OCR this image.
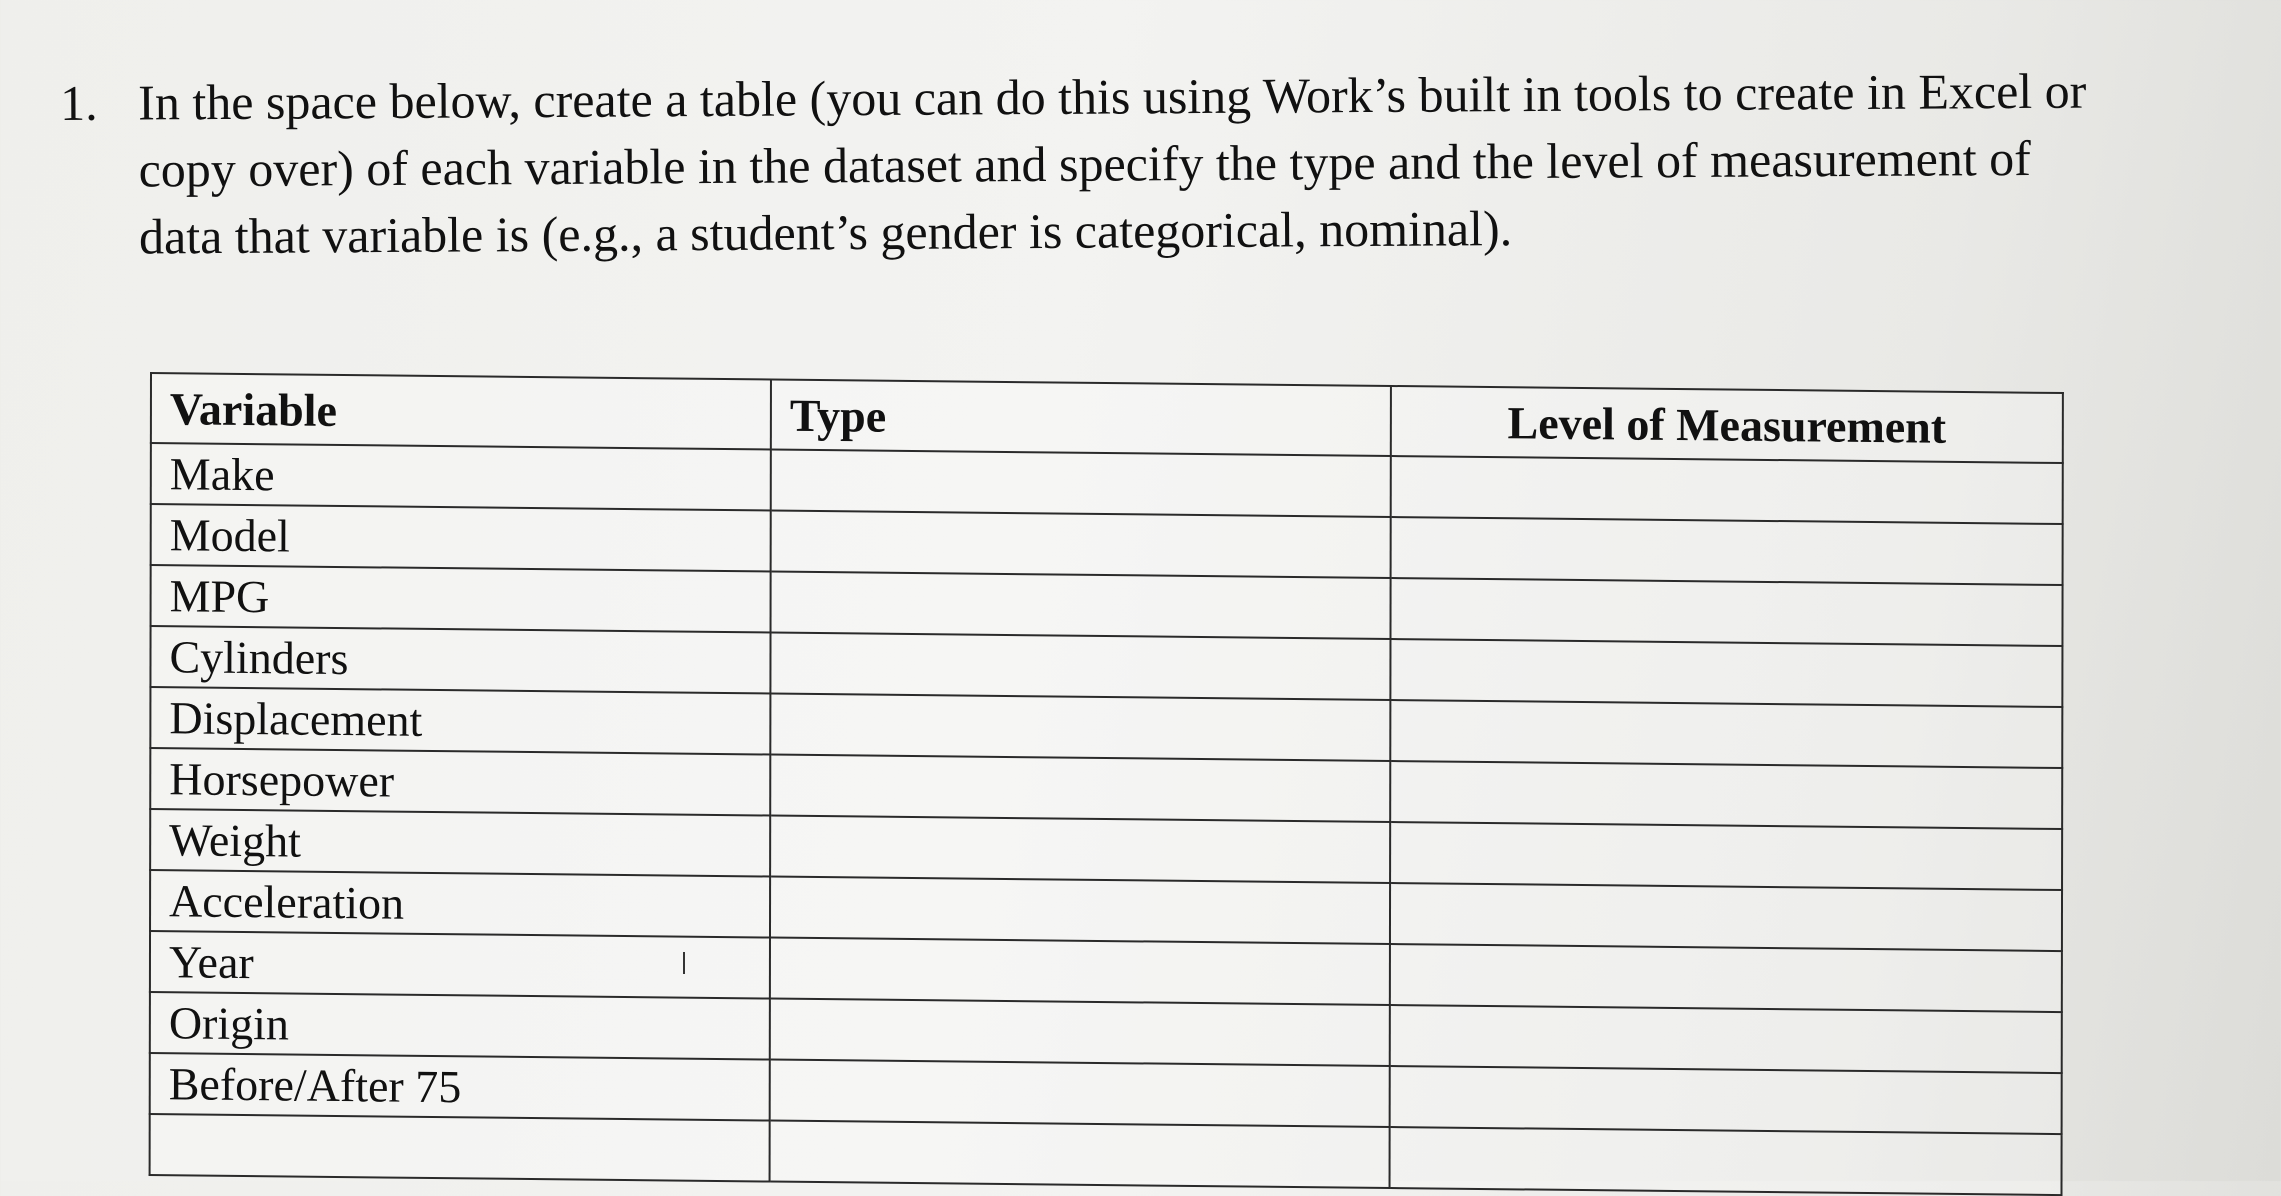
1. In the space below, create a table (you can do this using Work’s built in tools to create in Excel or copy over) of each variable in the dataset and specify the type and the level of measurement of data that variable is (e.g., a student’s gender is categorical, nominal).
Variable	Type	Level of Measurement
Make		
Model		
MPG		
Cylinders		
Displacement		
Horsepower		
Weight		
Acceleration		
Year		
Origin		
Before/After 75		
